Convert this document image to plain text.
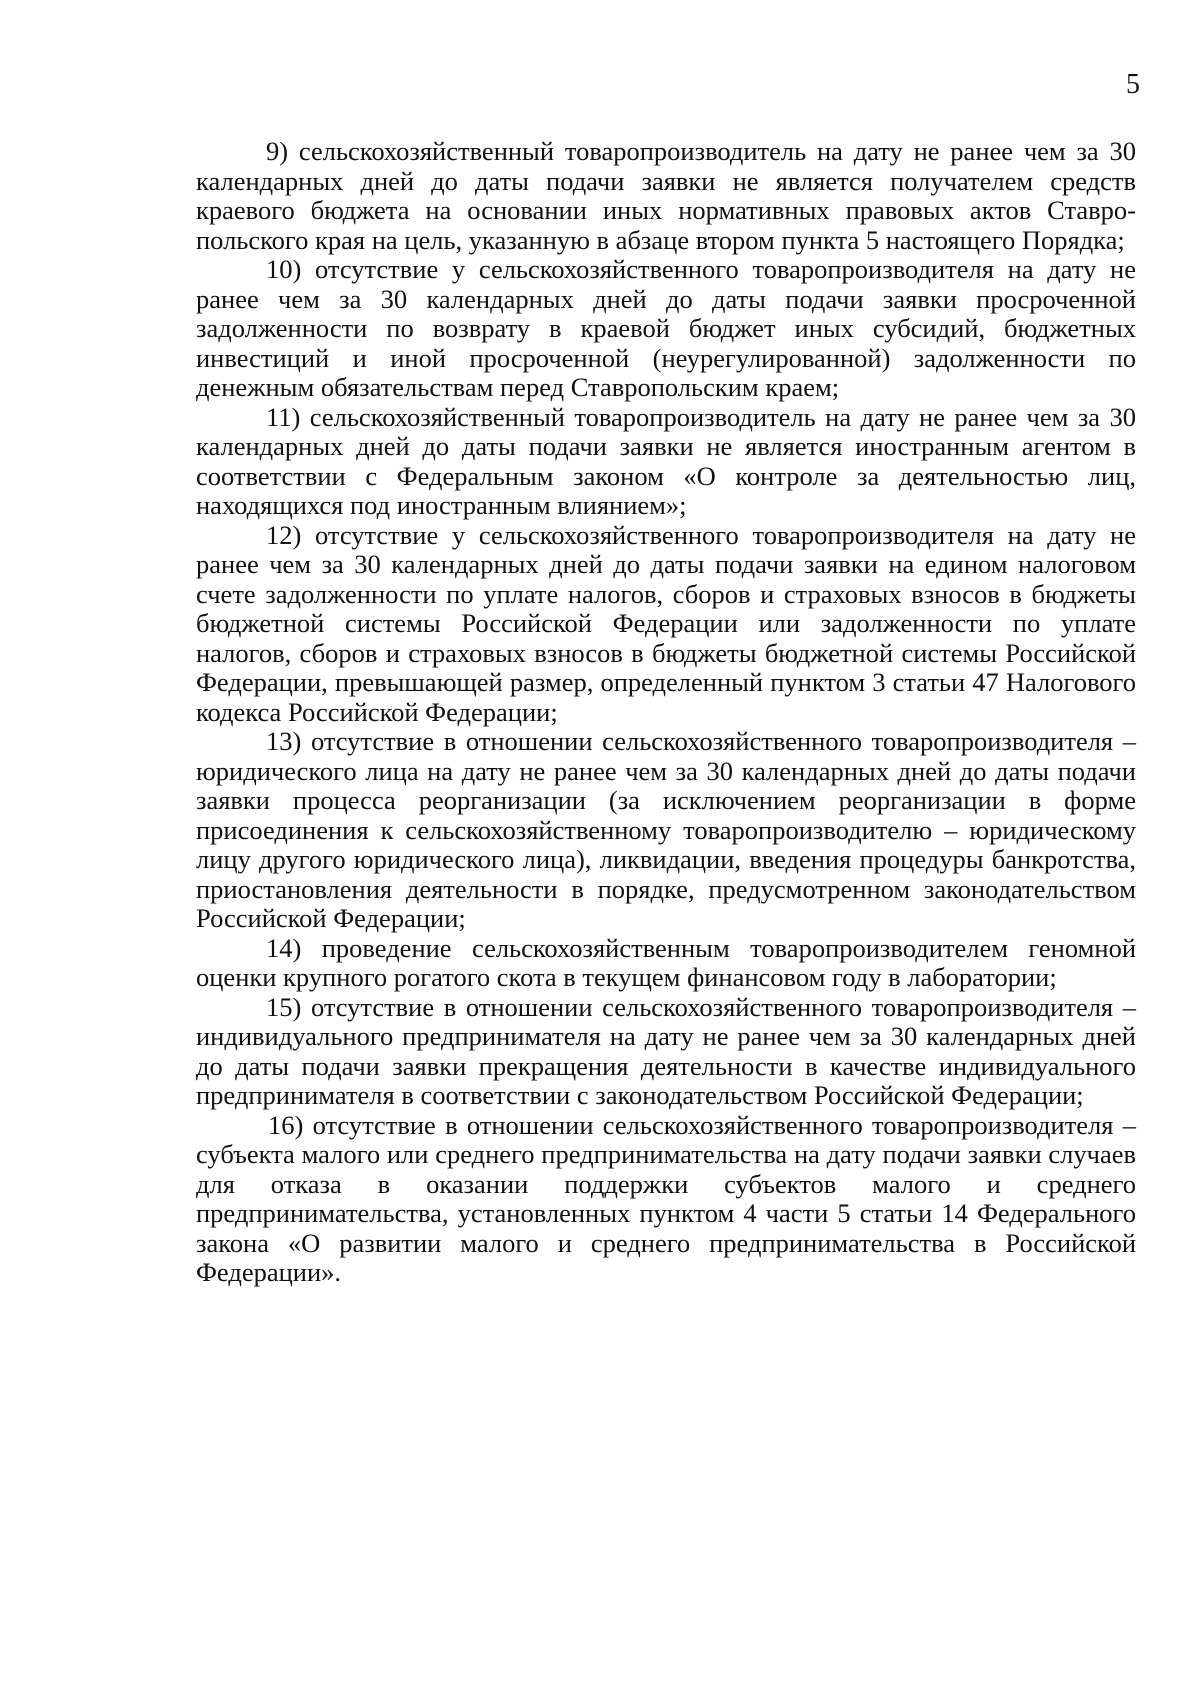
5

9) сельскохозяйственный товаропроизводитель на дату не ранее чем за 30 календарных дней до даты подачи заявки не является получателем средств краевого бюджета на основании иных нормативных правовых актов Ставропольского края на цель, указанную в абзаце втором пункта 5 настоящего Порядка;

10) отсутствие у сельскохозяйственного товаропроизводителя на дату не ранее чем за 30 календарных дней до даты подачи заявки просроченной задолженности по возврату в краевой бюджет иных субсидий, бюджетных инвестиций и иной просроченной (неурегулированной) задолженности по денежным обязательствам перед Ставропольским краем;

11) сельскохозяйственный товаропроизводитель на дату не ранее чем за 30 календарных дней до даты подачи заявки не является иностранным агентом в соответствии с Федеральным законом «О контроле за деятельностью лиц, находящихся под иностранным влиянием»;

12) отсутствие у сельскохозяйственного товаропроизводителя на дату не ранее чем за 30 календарных дней до даты подачи заявки на едином налоговом счете задолженности по уплате налогов, сборов и страховых взносов в бюджеты бюджетной системы Российской Федерации или задолженности по уплате налогов, сборов и страховых взносов в бюджеты бюджетной системы Российской Федерации, превышающей размер, определенный пунктом 3 статьи 47 Налогового кодекса Российской Федерации;

13) отсутствие в отношении сельскохозяйственного товаропроизводителя – юридического лица на дату не ранее чем за 30 календарных дней до даты подачи заявки процесса реорганизации (за исключением реорганизации в форме присоединения к сельскохозяйственному товаропроизводителю – юридическому лицу другого юридического лица), ликвидации, введения процедуры банкротства, приостановления деятельности в порядке, предусмотренном законодательством Российской Федерации;

14) проведение сельскохозяйственным товаропроизводителем геномной оценки крупного рогатого скота в текущем финансовом году в лаборатории;

15) отсутствие в отношении сельскохозяйственного товаропроизводителя – индивидуального предпринимателя на дату не ранее чем за 30 календарных дней до даты подачи заявки прекращения деятельности в качестве индивидуального предпринимателя в соответствии с законодательством Российской Федерации;

16) отсутствие в отношении сельскохозяйственного товаропроизводителя – субъекта малого или среднего предпринимательства на дату подачи заявки случаев для отказа в оказании поддержки субъектов малого и среднего предпринимательства, установленных пунктом 4 части 5 статьи 14 Федерального закона «О развитии малого и среднего предпринимательства в Российской Федерации».
